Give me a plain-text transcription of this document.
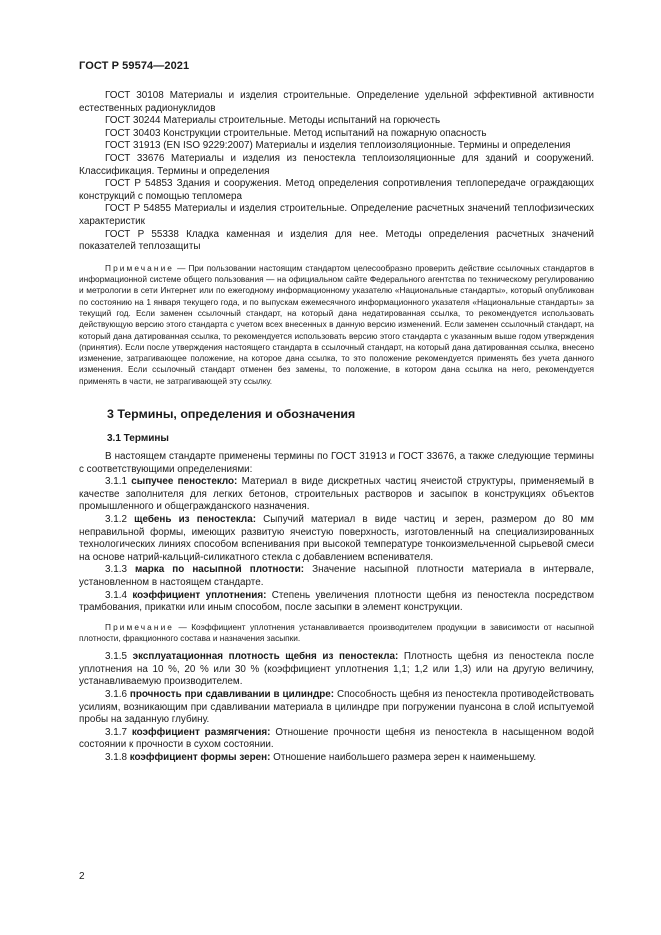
ГОСТ Р 59574—2021

ГОСТ 30108 Материалы и изделия строительные. Определение удельной эффективной активности естественных радионуклидов

ГОСТ 30244 Материалы строительные. Методы испытаний на горючесть

ГОСТ 30403 Конструкции строительные. Метод испытаний на пожарную опасность

ГОСТ 31913 (EN ISO 9229:2007) Материалы и изделия теплоизоляционные. Термины и определения

ГОСТ 33676 Материалы и изделия из пеностекла теплоизоляционные для зданий и сооружений. Классификация. Термины и определения

ГОСТ Р 54853 Здания и сооружения. Метод определения сопротивления теплопередаче ограждающих конструкций с помощью тепломера

ГОСТ Р 54855 Материалы и изделия строительные. Определение расчетных значений теплофизических характеристик

ГОСТ Р 55338 Кладка каменная и изделия для нее. Методы определения расчетных значений показателей теплозащиты

Примечание — При пользовании настоящим стандартом целесообразно проверить действие ссылочных стандартов в информационной системе общего пользования — на официальном сайте Федерального агентства по техническому регулированию и метрологии в сети Интернет или по ежегодному информационному указателю «Национальные стандарты», который опубликован по состоянию на 1 января текущего года, и по выпускам ежемесячного информационного указателя «Национальные стандарты» за текущий год. Если заменен ссылочный стандарт, на который дана недатированная ссылка, то рекомендуется использовать действующую версию этого стандарта с учетом всех внесенных в данную версию изменений. Если заменен ссылочный стандарт, на который дана датированная ссылка, то рекомендуется использовать версию этого стандарта с указанным выше годом утверждения (принятия). Если после утверждения настоящего стандарта в ссылочный стандарт, на который дана датированная ссылка, внесено изменение, затрагивающее положение, на которое дана ссылка, то это положение рекомендуется применять без учета данного изменения. Если ссылочный стандарт отменен без замены, то положение, в котором дана ссылка на него, рекомендуется применять в части, не затрагивающей эту ссылку.

3 Термины, определения и обозначения

3.1 Термины

В настоящем стандарте применены термины по ГОСТ 31913 и ГОСТ 33676, а также следующие термины с соответствующими определениями:

3.1.1 сыпучее пеностекло: Материал в виде дискретных частиц ячеистой структуры, применяемый в качестве заполнителя для легких бетонов, строительных растворов и засыпок в конструкциях объектов промышленного и общегражданского назначения.

3.1.2 щебень из пеностекла: Сыпучий материал в виде частиц и зерен, размером до 80 мм неправильной формы, имеющих развитую ячеистую поверхность, изготовленный на специализированных технологических линиях способом вспенивания при высокой температуре тонкоизмельченной сырьевой смеси на основе натрий-кальций-силикатного стекла с добавлением вспенивателя.

3.1.3 марка по насыпной плотности: Значение насыпной плотности материала в интервале, установленном в настоящем стандарте.

3.1.4 коэффициент уплотнения: Степень увеличения плотности щебня из пеностекла посредством трамбования, прикатки или иным способом, после засыпки в элемент конструкции.

Примечание — Коэффициент уплотнения устанавливается производителем продукции в зависимости от насыпной плотности, фракционного состава и назначения засыпки.

3.1.5 эксплуатационная плотность щебня из пеностекла: Плотность щебня из пеностекла после уплотнения на 10 %, 20 % или 30 % (коэффициент уплотнения 1,1; 1,2 или 1,3) или на другую величину, устанавливаемую производителем.

3.1.6 прочность при сдавливании в цилиндре: Способность щебня из пеностекла противодействовать усилиям, возникающим при сдавливании материала в цилиндре при погружении пуансона в слой испытуемой пробы на заданную глубину.

3.1.7 коэффициент размягчения: Отношение прочности щебня из пеностекла в насыщенном водой состоянии к прочности в сухом состоянии.

3.1.8 коэффициент формы зерен: Отношение наибольшего размера зерен к наименьшему.

2
